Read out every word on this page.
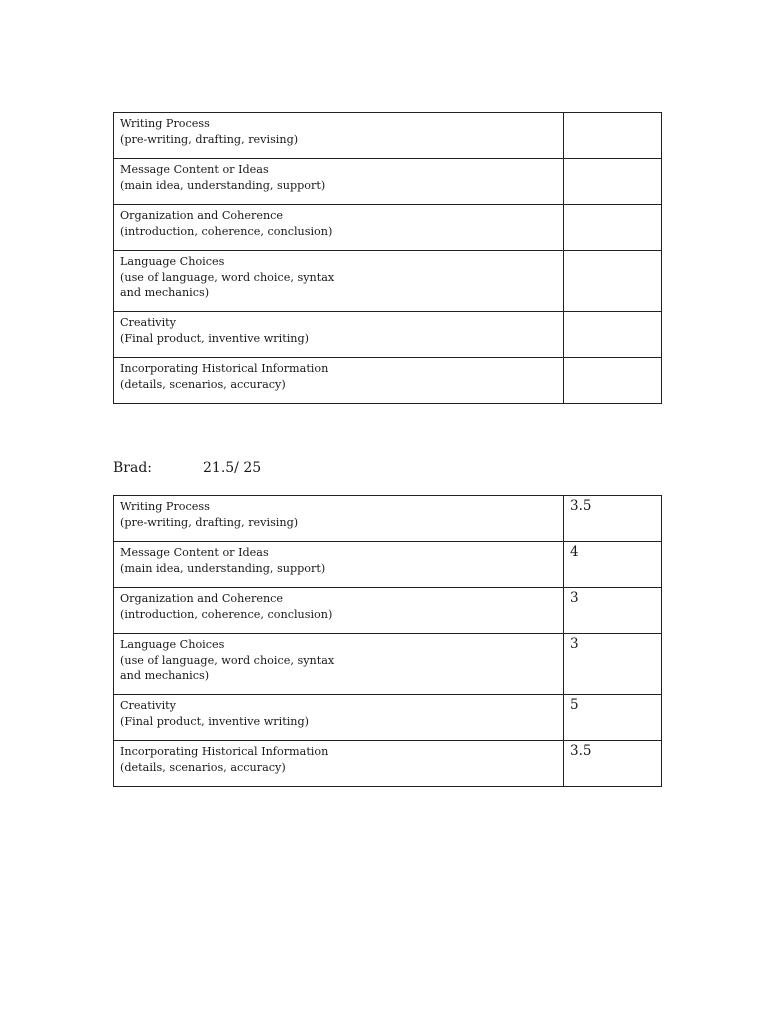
Writing Process
(pre-writing, drafting, revising)	

Message Content or Ideas
(main idea, understanding, support)	

Organization and Coherence
(introduction, coherence, conclusion)	

Language Choices
(use of language, word choice, syntax
and mechanics)	

Creativity
(Final product, inventive writing)	

Incorporating Historical Information
(details, scenarios, accuracy)	

Brad:	21.5/ 25
Writing Process
(pre-writing, drafting, revising)	3.5

Message Content or Ideas
(main idea, understanding, support)	4

Organization and Coherence
(introduction, coherence, conclusion)	3

Language Choices
(use of language, word choice, syntax
and mechanics)	3

Creativity
(Final product, inventive writing)	5

Incorporating Historical Information
(details, scenarios, accuracy)	3.5
